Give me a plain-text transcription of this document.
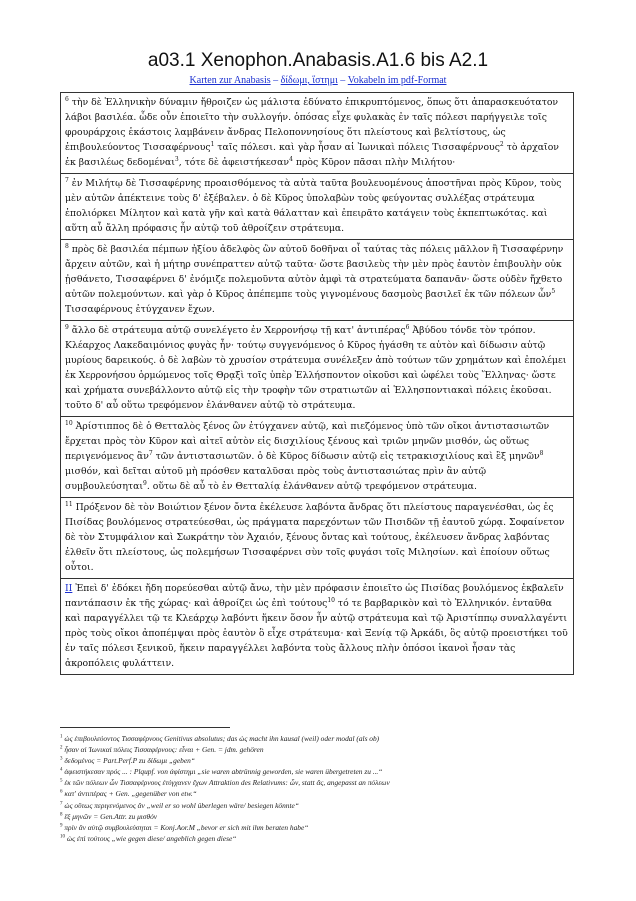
a03.1 Xenophon.Anabasis.A1.6 bis A2.1
Karten zur Anabasis – δίδωμι, ἵστημι – Vokabeln im pdf-Format
$^6$ τὴν δὲ Ἑλληνικὴν δύναμιν ἤθροιζεν ὡς μάλιστα ἐδύνατο ἐπικρυπτόμενος, ὅπως ὅτι ἀπαρασκευότατον λάβοι βασιλέα. ὧδε οὖν ἐποιεῖτο τὴν συλλογήν. ὁπόσας εἶχε φυλακὰς ἐν ταῖς πόλεσι παρήγγειλε τοῖς φρουράρχοις ἑκάστοις λαμβάνειν ἄνδρας Πελοποννησίους ὅτι πλείστους καὶ βελτίστους, ὡς ἐπιβουλεύοντος Τισσαφέρνους$^1$ ταῖς πόλεσι. καὶ γὰρ ἦσαν αἱ Ἰωνικαὶ πόλεις Τισσαφέρνους$^2$ τὸ ἀρχαῖον ἐκ βασιλέως δεδομέναι$^3$, τότε δὲ ἀφειστήκεσαν$^4$ πρὸς Κῦρον πᾶσαι πλὴν Μιλήτου·
$^7$ ἐν Μιλήτῳ δὲ Τισσαφέρνης προαισθόμενος τὰ αὐτὰ ταῦτα βουλευομένους ἀποστῆναι πρὸς Κῦρον, τοὺς μὲν αὐτῶν ἀπέκτεινε τοὺς δ' ἐξέβαλεν. ὁ δὲ Κῦρος ὑπολαβὼν τοὺς φεύγοντας συλλέξας στράτευμα ἐπολιόρκει Μίλητον καὶ κατὰ γῆν καὶ κατὰ θάλατταν καὶ ἐπειρᾶτο κατάγειν τοὺς ἐκπεπτωκότας. καὶ αὕτη αὖ ἄλλη πρόφασις ἦν αὐτῷ τοῦ ἀθροίζειν στράτευμα.
$^8$ πρὸς δὲ βασιλέα πέμπων ἠξίου ἀδελφὸς ὢν αὐτοῦ δοθῆναι οἷ ταύτας τὰς πόλεις μᾶλλον ἢ Τισσαφέρνην ἄρχειν αὐτῶν, καὶ ἡ μήτηρ συνέπραττεν αὐτῷ ταῦτα· ὥστε βασιλεὺς τὴν μὲν πρὸς ἑαυτὸν ἐπιβουλὴν οὐκ ᾐσθάνετο, Τισσαφέρνει δ' ἐνόμιζε πολεμοῦντα αὐτὸν ἀμφὶ τὰ στρατεύματα δαπανᾶν· ὥστε οὐδὲν ἤχθετο αὐτῶν πολεμούντων. καὶ γὰρ ὁ Κῦρος ἀπέπεμπε τοὺς γιγνομένους δασμοὺς βασιλεῖ ἐκ τῶν πόλεων ὧν$^5$ Τισσαφέρνους ἐτύγχανεν ἔχων.
$^9$ ἄλλο δὲ στράτευμα αὐτῷ συνελέγετο ἐν Χερρονήσῳ τῇ κατ' ἀντιπέρας$^6$ Ἀβύδου τόνδε τὸν τρόπον. Κλέαρχος Λακεδαιμόνιος φυγὰς ἦν· τούτῳ συγγενόμενος ὁ Κῦρος ἠγάσθη τε αὐτὸν καὶ δίδωσιν αὐτῷ μυρίους δαρεικούς. ὁ δὲ λαβὼν τὸ χρυσίον στράτευμα συνέλεξεν ἀπὸ τούτων τῶν χρημάτων καὶ ἐπολέμει ἐκ Χερρονήσου ὁρμώμενος τοῖς Θρᾳξὶ τοῖς ὑπὲρ Ἑλλήσποντον οἰκοῦσι καὶ ὠφέλει τοὺς Ἕλληνας· ὥστε καὶ χρήματα συνεβάλλοντο αὐτῷ εἰς τὴν τροφὴν τῶν στρατιωτῶν αἱ Ἑλλησποντιακαὶ πόλεις ἑκοῦσαι. τοῦτο δ' αὖ οὕτω τρεφόμενον ἐλάνθανεν αὐτῷ τὸ στράτευμα.
$^{10}$ Ἀρίστιππος δὲ ὁ Θετταλὸς ξένος ὢν ἐτύγχανεν αὐτῷ, καὶ πιεζόμενος ὑπὸ τῶν οἴκοι ἀντιστασιωτῶν ἔρχεται πρὸς τὸν Κῦρον καὶ αἰτεῖ αὐτὸν εἰς δισχιλίους ξένους καὶ τριῶν μηνῶν μισθόν, ὡς οὕτως περιγενόμενος ἂν$^7$ τῶν ἀντιστασιωτῶν. ὁ δὲ Κῦρος δίδωσιν αὐτῷ εἰς τετρακισχιλίους καὶ ἓξ μηνῶν$^8$ μισθόν, καὶ δεῖται αὐτοῦ μὴ πρόσθεν καταλῦσαι πρὸς τοὺς ἀντιστασιώτας πρὶν ἂν αὐτῷ συμβουλεύσηται$^9$. οὕτω δὲ αὖ τὸ ἐν Θετταλίᾳ ἐλάνθανεν αὐτῷ τρεφόμενον στράτευμα.
$^{11}$ Πρόξενον δὲ τὸν Βοιώτιον ξένον ὄντα ἐκέλευσε λαβόντα ἄνδρας ὅτι πλείστους παραγενέσθαι, ὡς ἐς Πισίδας βουλόμενος στρατεύεσθαι, ὡς πράγματα παρεχόντων τῶν Πισιδῶν τῇ ἑαυτοῦ χώρᾳ. Σοφαίνετον δὲ τὸν Στυμφάλιον καὶ Σωκράτην τὸν Ἀχαιόν, ξένους ὄντας καὶ τούτους, ἐκέλευσεν ἄνδρας λαβόντας ἐλθεῖν ὅτι πλείστους, ὡς πολεμήσων Τισσαφέρνει σὺν τοῖς φυγάσι τοῖς Μιλησίων. καὶ ἐποίουν οὕτως οὗτοι.
II Ἐπεὶ δ' ἐδόκει ἤδη πορεύεσθαι αὐτῷ ἄνω, τὴν μὲν πρόφασιν ἐποιεῖτο ὡς Πισίδας βουλόμενος ἐκβαλεῖν παντάπασιν ἐκ τῆς χώρας· καὶ ἀθροίζει ὡς ἐπὶ τούτους$^{10}$ τό τε βαρβαρικὸν καὶ τὸ Ἑλληνικόν. ἐνταῦθα καὶ παραγγέλλει τῷ τε Κλεάρχῳ λαβόντι ἥκειν ὅσον ἦν αὐτῷ στράτευμα καὶ τῷ Ἀριστίππῳ συναλλαγέντι πρὸς τοὺς οἴκοι ἀποπέμψαι πρὸς ἑαυτὸν ὃ εἶχε στράτευμα· καὶ Ξενίᾳ τῷ Ἀρκάδι, ὃς αὐτῷ προειστήκει τοῦ ἐν ταῖς πόλεσι ξενικοῦ, ἥκειν παραγγέλλει λαβόντα τοὺς ἄλλους πλὴν ὁπόσοι ἱκανοὶ ἦσαν τὰς ἀκροπόλεις φυλάττειν.
$^1$ ὡς ἐπιβουλεύοντος Τισσαφέρνους Genitivus absolutus; das ὡς macht ihn kausal (weil) oder modal (als ob)
$^2$ ἦσαν αἱ Ἰωνικαὶ πόλεις Τισσαφέρνους: εἶναι + Gen. = jdm. gehören
$^3$ δεδομένος = Part.Perf.P zu δίδωμι „geben“
$^4$ ἀφειστήκεσαν πρός ... : Plqupf. von ἀφίστημι „sie waren abtrünnig geworden, sie waren übergetreten zu ...“
$^5$ ἐκ τῶν πόλεων ὧν Τισσαφέρνους ἐτύγχανεν ἔχων Attraktion des Relativums: ὧν, statt ἅς, angepasst an πόλεων
$^6$ κατ' ἀντιπέρας + Gen. „gegenüber von etw.“
$^7$ ὡς οὕτως περιγενόμενος ἂν „weil er so wohl überlegen wäre/ besiegen könnte“
$^8$ ἓξ μηνῶν = Gen.Attr. zu μισθόν
$^9$ πρὶν ἂν αὐτῷ συμβουλεύσηται = Konj.Aor.M „bevor er sich mit ihm beraten habe“
$^{10}$ ὡς ἐπὶ τούτους „wie gegen diese/ angeblich gegen diese“
